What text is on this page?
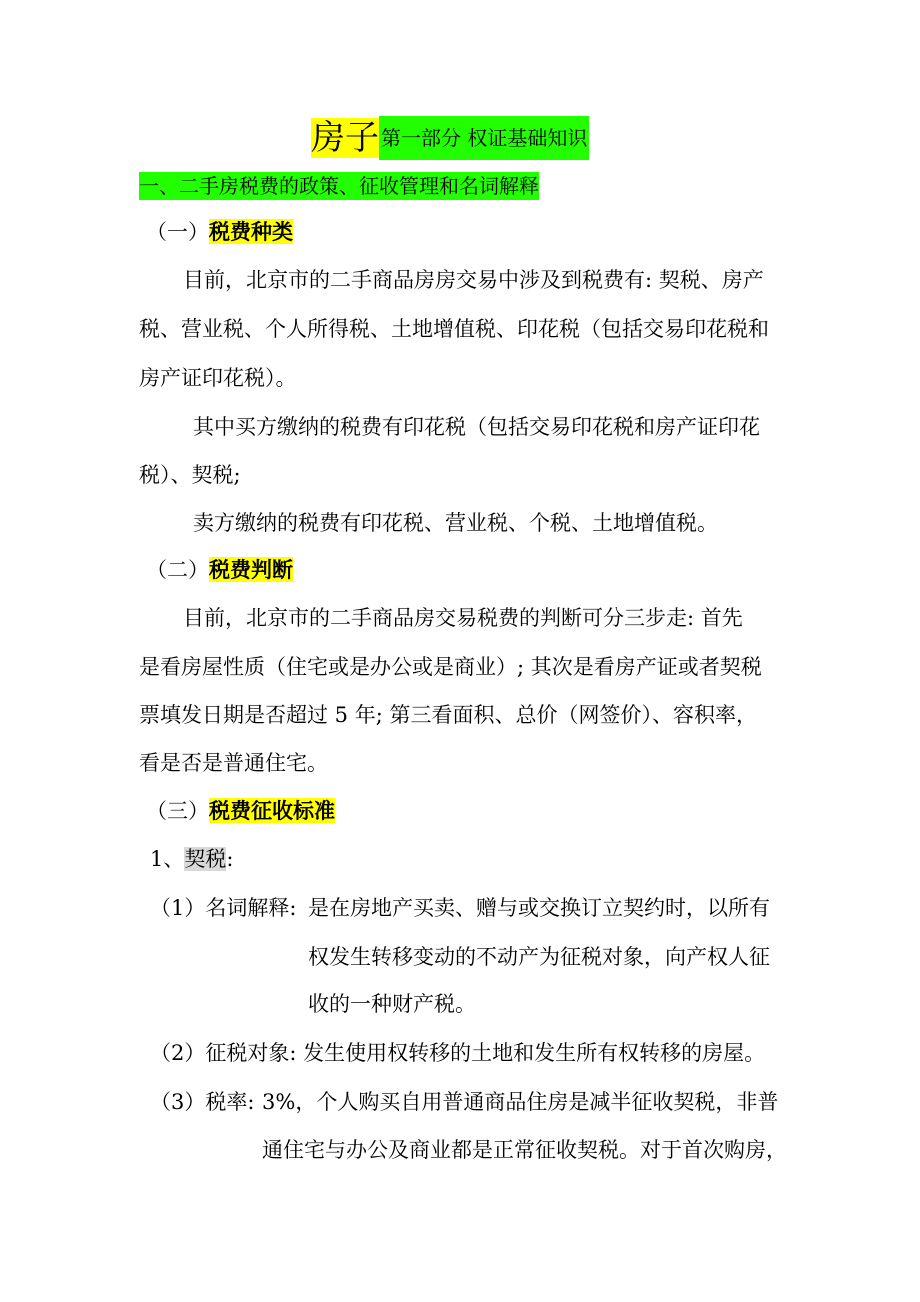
房子 第一部分 权证基础知识
一、二手房税费的政策、征收管理和名词解释
（一）税费种类
目前，北京市的二手商品房房交易中涉及到税费有: 契税、房产
税、营业税、个人所得税、土地增值税、印花税（包括交易印花税和
房产证印花税）。
其中买方缴纳的税费有印花税（包括交易印花税和房产证印花
税）、契税;
卖方缴纳的税费有印花税、营业税、个税、土地增值税。
（二）税费判断
目前，北京市的二手商品房交易税费的判断可分三步走: 首先
是看房屋性质（住宅或是办公或是商业）; 其次是看房产证或者契税
票填发日期是否超过 5 年; 第三看面积、总价（网签价）、容积率，
看是否是普通住宅。
（三）税费征收标准
1、契税:
（1）名词解释: 是在房地产买卖、赠与或交换订立契约时，以所有
权发生转移变动的不动产为征税对象，向产权人征
收的一种财产税。
（2）征税对象: 发生使用权转移的土地和发生所有权转移的房屋。
（3）税率: 3%，个人购买自用普通商品住房是减半征收契税，非普
通住宅与办公及商业都是正常征收契税。对于首次购房，
